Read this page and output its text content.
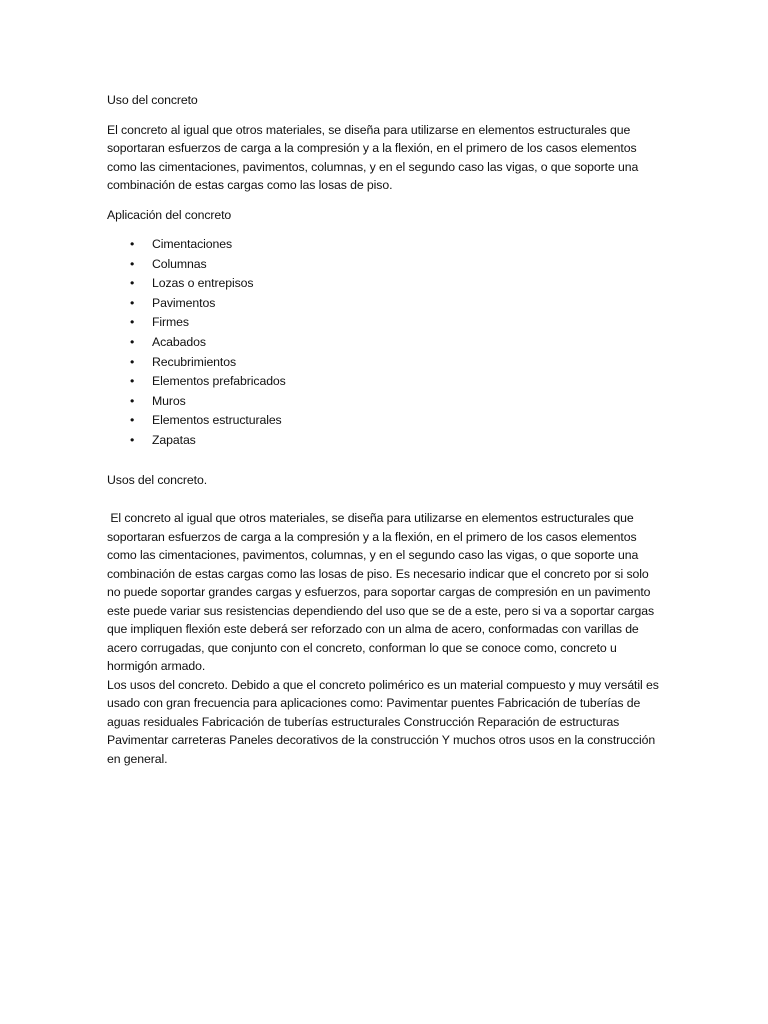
Uso del concreto

El concreto al igual que otros materiales, se diseña para utilizarse en elementos estructurales que soportaran esfuerzos de carga a la compresión y a la flexión, en el primero de los casos elementos como las cimentaciones, pavimentos, columnas, y en el segundo caso las vigas, o que soporte una combinación de estas cargas como las losas de piso.

Aplicación del concreto

• Cimentaciones
• Columnas
• Lozas o entrepisos
• Pavimentos
• Firmes
• Acabados
• Recubrimientos
• Elementos prefabricados
• Muros
• Elementos estructurales
• Zapatas

Usos del concreto.

El concreto al igual que otros materiales, se diseña para utilizarse en elementos estructurales que soportaran esfuerzos de carga a la compresión y a la flexión, en el primero de los casos elementos como las cimentaciones, pavimentos, columnas, y en el segundo caso las vigas, o que soporte una combinación de estas cargas como las losas de piso. Es necesario indicar que el concreto por si solo no puede soportar grandes cargas y esfuerzos, para soportar cargas de compresión en un pavimento este puede variar sus resistencias dependiendo del uso que se de a este, pero si va a soportar cargas que impliquen flexión este deberá ser reforzado con un alma de acero, conformadas con varillas de acero corrugadas, que conjunto con el concreto, conforman lo que se conoce como, concreto u hormigón armado.

Los usos del concreto. Debido a que el concreto polimérico es un material compuesto y muy versátil es usado con gran frecuencia para aplicaciones como: Pavimentar puentes Fabricación de tuberías de aguas residuales Fabricación de tuberías estructurales Construcción Reparación de estructuras Pavimentar carreteras Paneles decorativos de la construcción Y muchos otros usos en la construcción en general.
